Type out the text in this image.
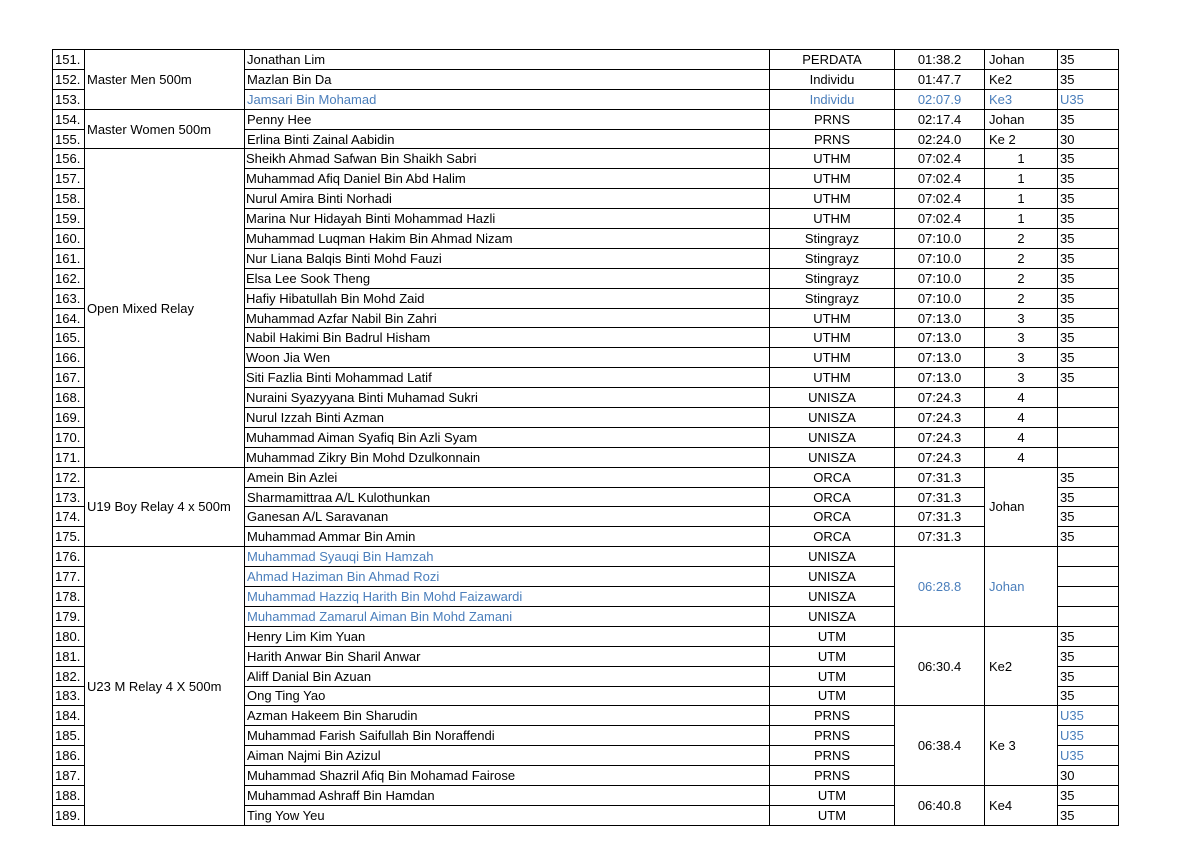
151.	Master Men 500m	Jonathan Lim	PERDATA	01:38.2	Johan	35
152.		Mazlan Bin Da	Individu	01:47.7	Ke2	35
153.		Jamsari Bin Mohamad	Individu	02:07.9	Ke3	U35
154.	Master Women 500m	Penny Hee	PRNS	02:17.4	Johan	35
155.		Erlina Binti Zainal Aabidin	PRNS	02:24.0	Ke 2	30
156.	Open Mixed Relay	Sheikh Ahmad Safwan Bin Shaikh Sabri	UTHM	07:02.4	1	35
157.		Muhammad Afiq Daniel Bin Abd Halim	UTHM	07:02.4	1	35
158.		Nurul Amira Binti Norhadi	UTHM	07:02.4	1	35
159.		Marina Nur Hidayah Binti Mohammad Hazli	UTHM	07:02.4	1	35
160.		Muhammad Luqman Hakim Bin Ahmad Nizam	Stingrayz	07:10.0	2	35
161.		Nur Liana Balqis Binti Mohd Fauzi	Stingrayz	07:10.0	2	35
162.		Elsa Lee Sook Theng	Stingrayz	07:10.0	2	35
163.		Hafiy Hibatullah Bin Mohd Zaid	Stingrayz	07:10.0	2	35
164.		Muhammad Azfar Nabil Bin Zahri	UTHM	07:13.0	3	35
165.		Nabil Hakimi Bin Badrul Hisham	UTHM	07:13.0	3	35
166.		Woon Jia Wen	UTHM	07:13.0	3	35
167.		Siti Fazlia Binti Mohammad Latif	UTHM	07:13.0	3	35
168.		Nuraini Syazyyana Binti Muhamad Sukri	UNISZA	07:24.3	4	
169.		Nurul Izzah Binti Azman	UNISZA	07:24.3	4	
170.		Muhammad Aiman Syafiq Bin Azli Syam	UNISZA	07:24.3	4	
171.		Muhammad Zikry Bin Mohd Dzulkonnain	UNISZA	07:24.3	4	
172.	U19 Boy Relay 4 x 500m	Amein Bin Azlei	ORCA	07:31.3	Johan	35
173.		Sharmamittraa A/L Kulothunkan	ORCA	07:31.3		35
174.		Ganesan A/L Saravanan	ORCA	07:31.3		35
175.		Muhammad Ammar Bin Amin	ORCA	07:31.3		35
176.	U23 M Relay 4 X 500m	Muhammad Syauqi Bin Hamzah	UNISZA	06:28.8	Johan	
177.		Ahmad Haziman Bin Ahmad Rozi	UNISZA			
178.		Muhammad Hazziq Harith Bin Mohd Faizawardi	UNISZA			
179.		Muhammad Zamarul Aiman Bin Mohd Zamani	UNISZA			
180.		Henry Lim Kim Yuan	UTM	06:30.4	Ke2	35
181.		Harith Anwar Bin Sharil Anwar	UTM			35
182.		Aliff Danial Bin Azuan	UTM			35
183.		Ong Ting Yao	UTM			35
184.		Azman Hakeem Bin Sharudin	PRNS	06:38.4	Ke 3	U35
185.		Muhammad Farish Saifullah Bin Noraffendi	PRNS			U35
186.		Aiman Najmi Bin Azizul	PRNS			U35
187.		Muhammad Shazril Afiq Bin Mohamad Fairose	PRNS			30
188.		Muhammad Ashraff Bin Hamdan	UTM	06:40.8	Ke4	35
189.		Ting Yow Yeu	UTM			35
